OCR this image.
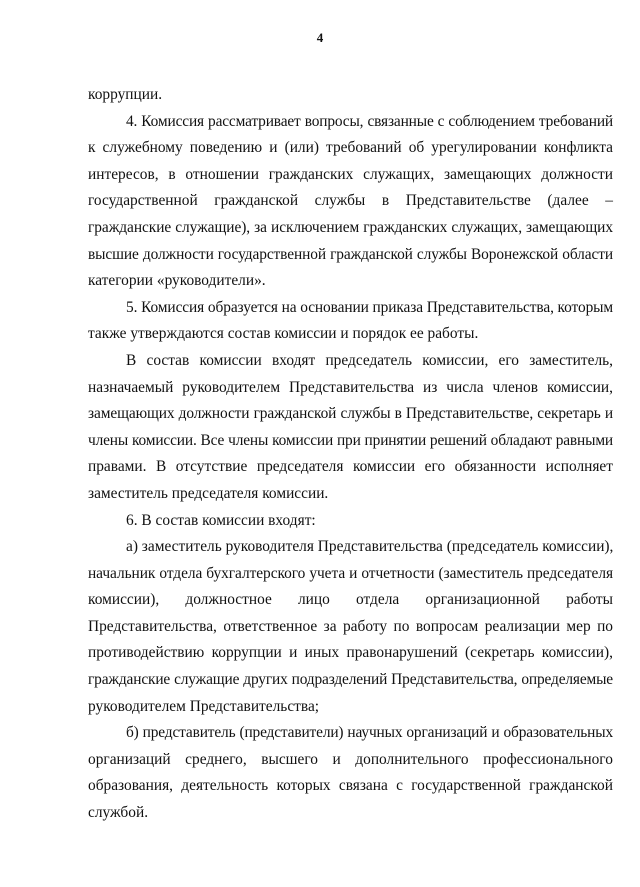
4

коррупции.

4. Комиссия рассматривает вопросы, связанные с соблюдением требований
к служебному поведению и (или) требований об урегулировании конфликта
интересов, в отношении гражданских служащих, замещающих должности
государственной гражданской службы в Представительстве (далее –
гражданские служащие), за исключением гражданских служащих, замещающих
высшие должности государственной гражданской службы Воронежской области
категории «руководители».

5. Комиссия образуется на основании приказа Представительства, которым
также утверждаются состав комиссии и порядок ее работы.

В состав комиссии входят председатель комиссии, его заместитель,
назначаемый руководителем Представительства из числа членов комиссии,
замещающих должности гражданской службы в Представительстве, секретарь и
члены комиссии. Все члены комиссии при принятии решений обладают равными
правами. В отсутствие председателя комиссии его обязанности исполняет
заместитель председателя комиссии.

6. В состав комиссии входят:

а) заместитель руководителя Представительства (председатель комиссии),
начальник отдела бухгалтерского учета и отчетности (заместитель председателя
комиссии), должностное лицо отдела организационной работы
Представительства, ответственное за работу по вопросам реализации мер по
противодействию коррупции и иных правонарушений (секретарь комиссии),
гражданские служащие других подразделений Представительства, определяемые
руководителем Представительства;

б) представитель (представители) научных организаций и образовательных
организаций среднего, высшего и дополнительного профессионального
образования, деятельность которых связана с государственной гражданской
службой.
